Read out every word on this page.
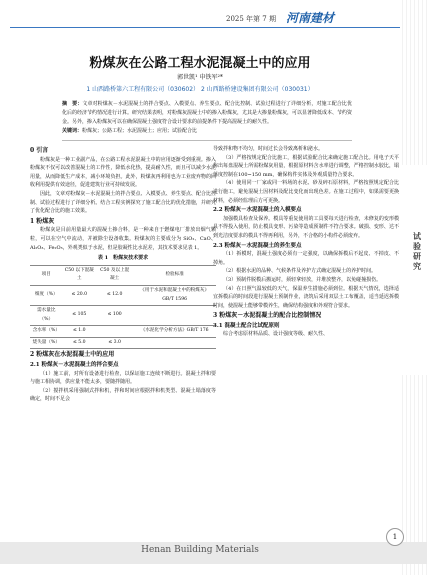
2025 年第 7 期 河南建材
粉煤灰在公路工程水泥混凝土中的应用
郭世凯¹ 申铁军²*
1 山西路桥第六工程有限公司（030602） 2 山西路桥建设集团有限公司（030031）
摘　要：文章对粉煤灰－水泥混凝土的拌合要点、入模要点、养生要点、配合比控制、试验过程进行了详细分析，对施工配合比优化后的经济节约情况进行计算。研究结果表明，对粉煤灰混凝土中的掺入粉煤灰，尤其是大掺量粉煤灰，可以显著降低成本、节约资金。另外，掺入粉煤灰可以在确保混凝土强度符合设计要求的前提条件下提高混凝土的耐久性。
关键词：粉煤灰；公路工程；水泥混凝土；应用；试验配合比
0 引言

粉煤灰是一种工业副产品，在公路工程水泥混凝土中的应用逐渐受到重视。掺入粉煤灰不仅可以改善混凝土的工作性，降低水化热，提高耐久性，而且可以减少水泥用量，从而降低生产成本，减小环境负担。此外，粉煤灰再利用也为工业废弃物的回收利用提供有效途径，促进建筑行业可持续发展。

因此，文章对粉煤灰－水泥混凝土的拌合要点、入模要点、养生要点、配合比控制、试验过程进行了详细分析。结合工程实例探究了施工配合比的优化措施，并研究了优化配合比的施工效果。

1 粉煤灰

粉煤灰是目前用量最大的混凝土掺合料，是一种来自于燃煤电厂排放出烟气颗粒，可以在空气中流动，并被除尘设备收集。粉煤灰的主要成分为 SiO₂、CaO、Al₂O₃、Fe₂O₃，外观类似于水泥，但是胶凝性比水泥差，其技术要求见表 1。

表 1　粉煤灰技术要求
项目	C50 以下混凝土	C50 及以上混凝土	检验标准
细度（%）	≤ 20.0	≤ 12.0	《用于水泥和混凝土中的粉煤灰》GB/T 1596
需水量比（%）	≤ 105	≤ 100	
含水率（%）	≤ 1.0		《水泥化学分析方法》GB/T 176
烧失量（%）	≤ 5.0	≤ 3.0	
2 粉煤灰在水泥混凝土中的应用
2.1 粉煤灰－水泥混凝土的拌合要点

（1）施工前，对所有设备进行检查，以保证施工连续不断进行。混凝土拌和要与施工相协调，供应量不能太多，要随拌随用。

（2）搅拌机采用强制式拌和机，拌和时间应根据拌和机类型、混凝土塌落度等确定，时间不足会

导致拌和物不均匀，时间过长会导致离析和泌水。

（3）严格按规定配合比施工，根据试验配合比来确定施工配合比。用电子天平称出每盘混凝土所需粉煤灰用量，根据原材料含水率进行调整，严格控制水胶比，塌落度控制在100~150 mm，确保构件实体及外观质量符合要求。

（4）使用同一厂家或同一料场的水泥、砂及碎石原材料，严格按照规定配合比进行施工，避免混凝土因材料及配比变化而出现色差。在施工过程中，如果需要更换材料，必须经监理后方可更换。

2.2 粉煤灰－水泥混凝土的入模要点

加强模具检查及保养。模具等重复使用的工具要每天进行检查，未修复的变形模具不得投入使用，防止模具变形、污染等造成预制件不符合要求。破损、变形、达不到光洁度要求的模具不得再利用，另外，不合格的小构件必须废弃。

2.3 粉煤灰－水泥混凝土的养生要点

（1）拆模时，混凝土强度必须有一定强度，以确保拆模后不起皮、不掉皮、不掉角。

（2）根据水泥的品种、气候条件及养护方式确定混凝土的养护时间。

（3）预制件脱模后搬运时，须轻拿轻放，并堆放整齐，以免碰撞损伤。

（4）在日照气温较低的天气，保温养生措施必须到位。根据天气情况，选择适宜拆模后的时间段进行混凝土预制作业，浇筑后采用双层土工布覆盖，适当延迟拆模时间，使混凝土能够带模养生，确保结构强度和外观符合要求。

3 粉煤灰－水泥混凝土的配合比控制情况
3.1 混凝土配合比试配原则

综合考虑原材料品质、设计强度等级、耐久性、

试验研究
Henan Building Materials
1
